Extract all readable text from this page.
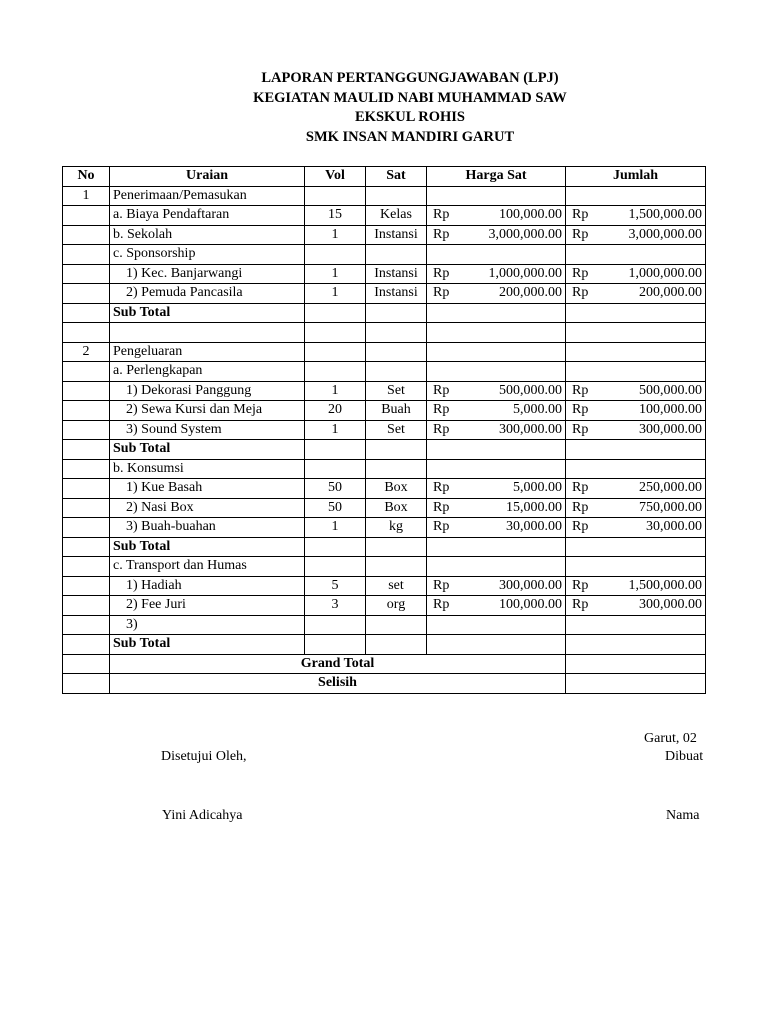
LAPORAN PERTANGGUNGJAWABAN (LPJ)
KEGIATAN MAULID NABI MUHAMMAD SAW
EKSKUL ROHIS
SMK INSAN MANDIRI GARUT
No	Uraian	Vol	Sat	Harga Sat		Jumlah	
1	Penerimaan/Pemasukan						
	a. Biaya Pendaftaran	15	Kelas	Rp	100,000.00	Rp	1,500,000.00
	b. Sekolah	1	Instansi	Rp	3,000,000.00	Rp	3,000,000.00
	c. Sponsorship						
	1) Kec. Banjarwangi	1	Instansi	Rp	1,000,000.00	Rp	1,000,000.00
	2) Pemuda Pancasila	1	Instansi	Rp	200,000.00	Rp	200,000.00
	Sub Total						

2	Pengeluaran						
	a. Perlengkapan						
	1) Dekorasi Panggung	1	Set	Rp	500,000.00	Rp	500,000.00
	2) Sewa Kursi dan Meja	20	Buah	Rp	5,000.00	Rp	100,000.00
	3) Sound System	1	Set	Rp	300,000.00	Rp	300,000.00
	Sub Total						
	b. Konsumsi						
	1) Kue Basah	50	Box	Rp	5,000.00	Rp	250,000.00
	2) Nasi Box	50	Box	Rp	15,000.00	Rp	750,000.00
	3) Buah-buahan	1	kg	Rp	30,000.00	Rp	30,000.00
	Sub Total						
	c. Transport dan Humas						
	1) Hadiah	5	set	Rp	300,000.00	Rp	1,500,000.00
	2) Fee Juri	3	org	Rp	100,000.00	Rp	300,000.00
	3)						
	Sub Total						
	Grand Total						
	Selisih						
Garut, 02
Disetujui Oleh,	Dibuat
Yini Adicahya	Nama
